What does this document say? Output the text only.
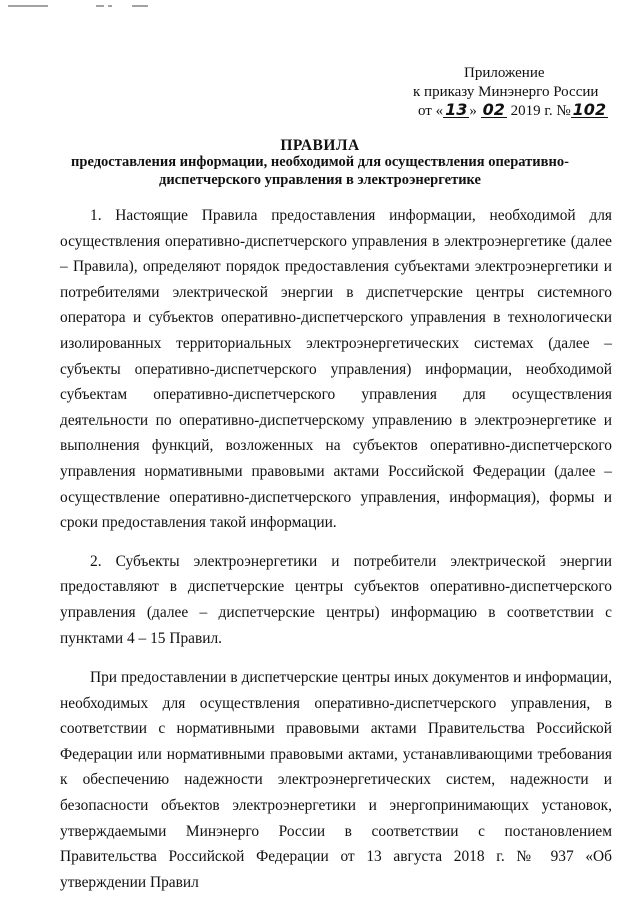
Приложение
к приказу Минэнерго России
от « 13 » 02 2019 г. № 102
ПРАВИЛА
предоставления информации, необходимой для осуществления оперативно-
диспетчерского управления в электроэнергетике

1. Настоящие Правила предоставления информации, необходимой для осуществления оперативно-диспетчерского управления в электроэнергетике (далее – Правила), определяют порядок предоставления субъектами электроэнергетики и потребителями электрической энергии в диспетчерские центры системного оператора и субъектов оперативно-диспетчерского управления в технологически изолированных территориальных электроэнергетических системах (далее – субъекты оперативно-диспетчерского управления) информации, необходимой субъектам оперативно-диспетчерского управления для осуществления деятельности по оперативно-диспетчерскому управлению в электроэнергетике и выполнения функций, возложенных на субъектов оперативно-диспетчерского управления нормативными правовыми актами Российской Федерации (далее – осуществление оперативно-диспетчерского управления, информация), формы и сроки предоставления такой информации.

2. Субъекты электроэнергетики и потребители электрической энергии предоставляют в диспетчерские центры субъектов оперативно-диспетчерского управления (далее – диспетчерские центры) информацию в соответствии с пунктами 4 – 15 Правил.

При предоставлении в диспетчерские центры иных документов и информации, необходимых для осуществления оперативно-диспетчерского управления, в соответствии с нормативными правовыми актами Правительства Российской Федерации или нормативными правовыми актами, устанавливающими требования к обеспечению надежности электроэнергетических систем, надежности и безопасности объектов электроэнергетики и энергопринимающих установок, утверждаемыми Минэнерго России в соответствии с постановлением Правительства Российской Федерации от 13 августа 2018 г. № 937 «Об утверждении Правил
